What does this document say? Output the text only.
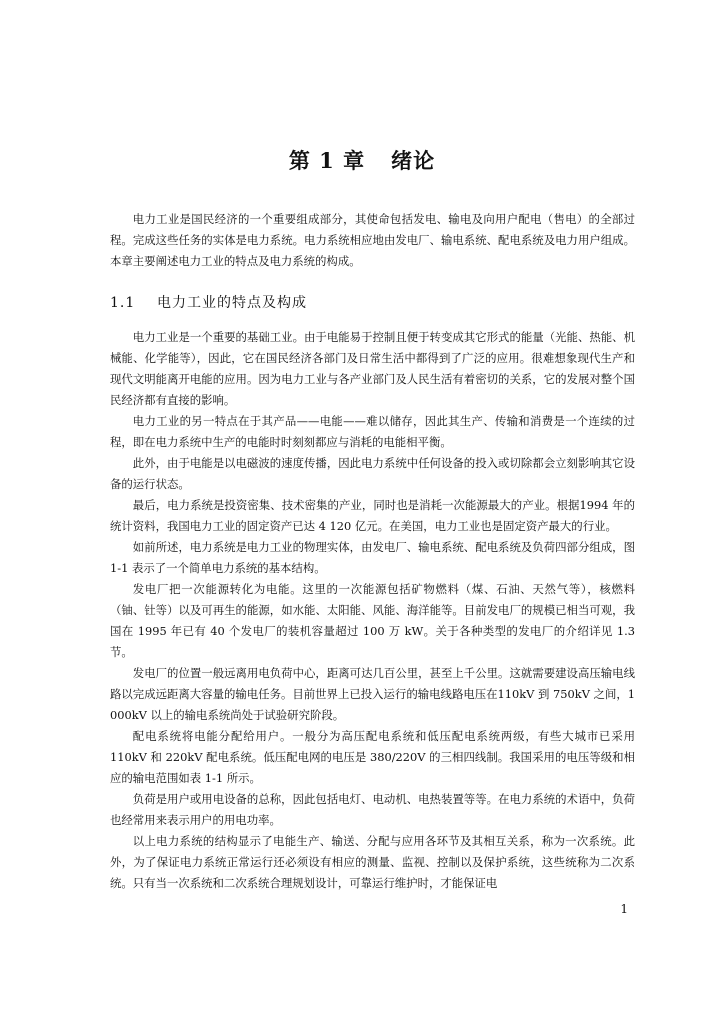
第 1 章 绪论

电力工业是国民经济的一个重要组成部分，其使命包括发电、输电及向用户配电（售电）的全部过程。完成这些任务的实体是电力系统。电力系统相应地由发电厂、输电系统、配电系统及电力用户组成。本章主要阐述电力工业的特点及电力系统的构成。

1.1 电力工业的特点及构成

电力工业是一个重要的基础工业。由于电能易于控制且便于转变成其它形式的能量（光能、热能、机械能、化学能等），因此，它在国民经济各部门及日常生活中都得到了广泛的应用。很难想象现代生产和现代文明能离开电能的应用。因为电力工业与各产业部门及人民生活有着密切的关系，它的发展对整个国民经济都有直接的影响。

电力工业的另一特点在于其产品——电能——难以储存，因此其生产、传输和消费是一个连续的过程，即在电力系统中生产的电能时时刻刻都应与消耗的电能相平衡。

此外，由于电能是以电磁波的速度传播，因此电力系统中任何设备的投入或切除都会立刻影响其它设备的运行状态。

最后，电力系统是投资密集、技术密集的产业，同时也是消耗一次能源最大的产业。根据1994 年的统计资料，我国电力工业的固定资产已达 4 120 亿元。在美国，电力工业也是固定资产最大的行业。

如前所述，电力系统是电力工业的物理实体，由发电厂、输电系统、配电系统及负荷四部分组成，图 1-1 表示了一个简单电力系统的基本结构。

发电厂把一次能源转化为电能。这里的一次能源包括矿物燃料（煤、石油、天然气等），核燃料（铀、钍等）以及可再生的能源，如水能、太阳能、风能、海洋能等。目前发电厂的规模已相当可观，我国在 1995 年已有 40 个发电厂的装机容量超过 100 万 kW。关于各种类型的发电厂的介绍详见 1.3 节。

发电厂的位置一般远离用电负荷中心，距离可达几百公里，甚至上千公里。这就需要建设高压输电线路以完成远距离大容量的输电任务。目前世界上已投入运行的输电线路电压在110kV 到 750kV 之间，1 000kV 以上的输电系统尚处于试验研究阶段。

配电系统将电能分配给用户。一般分为高压配电系统和低压配电系统两级，有些大城市已采用 110kV 和 220kV 配电系统。低压配电网的电压是 380/220V 的三相四线制。我国采用的电压等级和相应的输电范围如表 1-1 所示。

负荷是用户或用电设备的总称，因此包括电灯、电动机、电热装置等等。在电力系统的术语中，负荷也经常用来表示用户的用电功率。

以上电力系统的结构显示了电能生产、输送、分配与应用各环节及其相互关系，称为一次系统。此外，为了保证电力系统正常运行还必须设有相应的测量、监视、控制以及保护系统，这些统称为二次系统。只有当一次系统和二次系统合理规划设计，可靠运行维护时，才能保证电

1
